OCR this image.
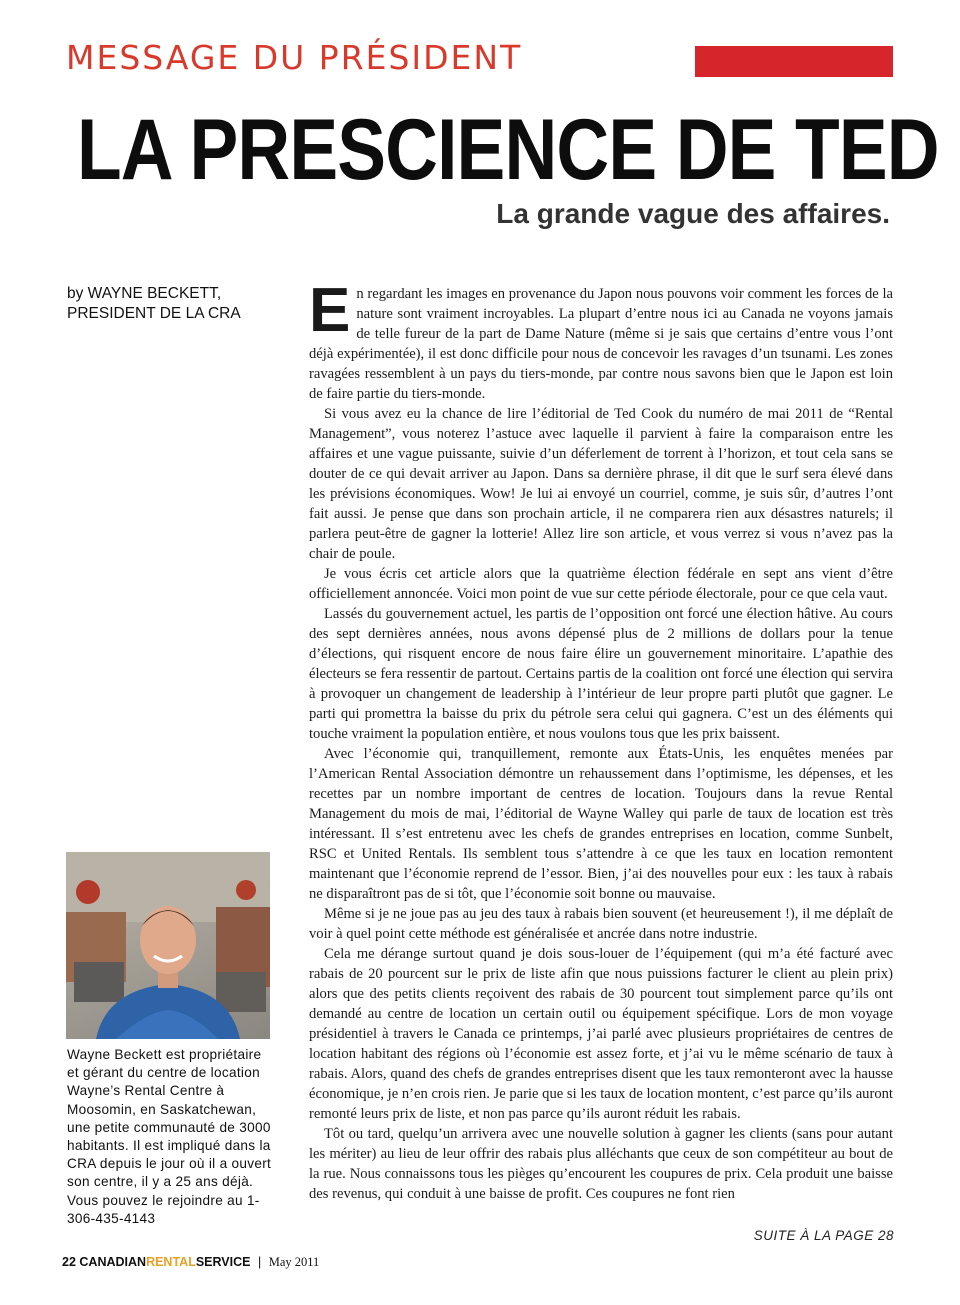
MESSAGE DU PRÉSIDENT
LA PRESCIENCE DE TED
La grande vague des affaires.
by WAYNE BECKETT,
PRESIDENT DE LA CRA
Wayne Beckett est propriétaire et gérant du centre de location Wayne’s Rental Centre à Moosomin, en Saskatchewan, une petite communauté de 3000 habitants. Il est impliqué dans la CRA depuis le jour où il a ouvert son centre, il y a 25 ans déjà. Vous pouvez le rejoindre au 1-306-435-4143

En regardant les images en provenance du Japon nous pouvons voir comment les forces de la nature sont vraiment incroyables. La plupart d’entre nous ici au Canada ne voyons jamais de telle fureur de la part de Dame Nature (même si je sais que certains d’entre vous l’ont déjà expérimentée), il est donc difficile pour nous de concevoir les ravages d’un tsunami. Les zones ravagées ressemblent à un pays du tiers-monde, par contre nous savons bien que le Japon est loin de faire partie du tiers-monde.

Si vous avez eu la chance de lire l’éditorial de Ted Cook du numéro de mai 2011 de “Rental Management”, vous noterez l’astuce avec laquelle il parvient à faire la comparaison entre les affaires et une vague puissante, suivie d’un déferlement de torrent à l’horizon, et tout cela sans se douter de ce qui devait arriver au Japon. Dans sa dernière phrase, il dit que le surf sera élevé dans les prévisions économiques. Wow! Je lui ai envoyé un courriel, comme, je suis sûr, d’autres l’ont fait aussi. Je pense que dans son prochain article, il ne comparera rien aux désastres naturels; il parlera peut-être de gagner la lotterie! Allez lire son article, et vous verrez si vous n’avez pas la chair de poule.

Je vous écris cet article alors que la quatrième élection fédérale en sept ans vient d’être officiellement annoncée. Voici mon point de vue sur cette période électorale, pour ce que cela vaut.

Lassés du gouvernement actuel, les partis de l’opposition ont forcé une élection hâtive. Au cours des sept dernières années, nous avons dépensé plus de 2 millions de dollars pour la tenue d’élections, qui risquent encore de nous faire élire un gouvernement minoritaire. L’apathie des électeurs se fera ressentir de partout. Certains partis de la coalition ont forcé une élection qui servira à provoquer un changement de leadership à l’intérieur de leur propre parti plutôt que gagner. Le parti qui promettra la baisse du prix du pétrole sera celui qui gagnera. C’est un des éléments qui touche vraiment la population entière, et nous voulons tous que les prix baissent.

Avec l’économie qui, tranquillement, remonte aux États-Unis, les enquêtes menées par l’American Rental Association démontre un rehaussement dans l’optimisme, les dépenses, et les recettes par un nombre important de centres de location. Toujours dans la revue Rental Management du mois de mai, l’éditorial de Wayne Walley qui parle de taux de location est très intéressant. Il s’est entretenu avec les chefs de grandes entreprises en location, comme Sunbelt, RSC et United Rentals. Ils semblent tous s’attendre à ce que les taux en location remontent maintenant que l’économie reprend de l’essor. Bien, j’ai des nouvelles pour eux : les taux à rabais ne disparaîtront pas de si tôt, que l’économie soit bonne ou mauvaise.

Même si je ne joue pas au jeu des taux à rabais bien souvent (et heureusement !), il me déplaît de voir à quel point cette méthode est généralisée et ancrée dans notre industrie.

Cela me dérange surtout quand je dois sous-louer de l’équipement (qui m’a été facturé avec rabais de 20 pourcent sur le prix de liste afin que nous puissions facturer le client au plein prix) alors que des petits clients reçoivent des rabais de 30 pourcent tout simplement parce qu’ils ont demandé au centre de location un certain outil ou équipement spécifique. Lors de mon voyage présidentiel à travers le Canada ce printemps, j’ai parlé avec plusieurs propriétaires de centres de location habitant des régions où l’économie est assez forte, et j’ai vu le même scénario de taux à rabais. Alors, quand des chefs de grandes entreprises disent que les taux remonteront avec la hausse économique, je n’en crois rien. Je parie que si les taux de location montent, c’est parce qu’ils auront remonté leurs prix de liste, et non pas parce qu’ils auront réduit les rabais.

Tôt ou tard, quelqu’un arrivera avec une nouvelle solution à gagner les clients (sans pour autant les mériter) au lieu de leur offrir des rabais plus alléchants que ceux de son compétiteur au bout de la rue. Nous connaissons tous les pièges qu’encourent les coupures de prix. Cela produit une baisse des revenus, qui conduit à une baisse de profit. Ces coupures ne font rien

SUITE À LA PAGE 28
22 CANADIANRENTALSERVICE | May 2011
